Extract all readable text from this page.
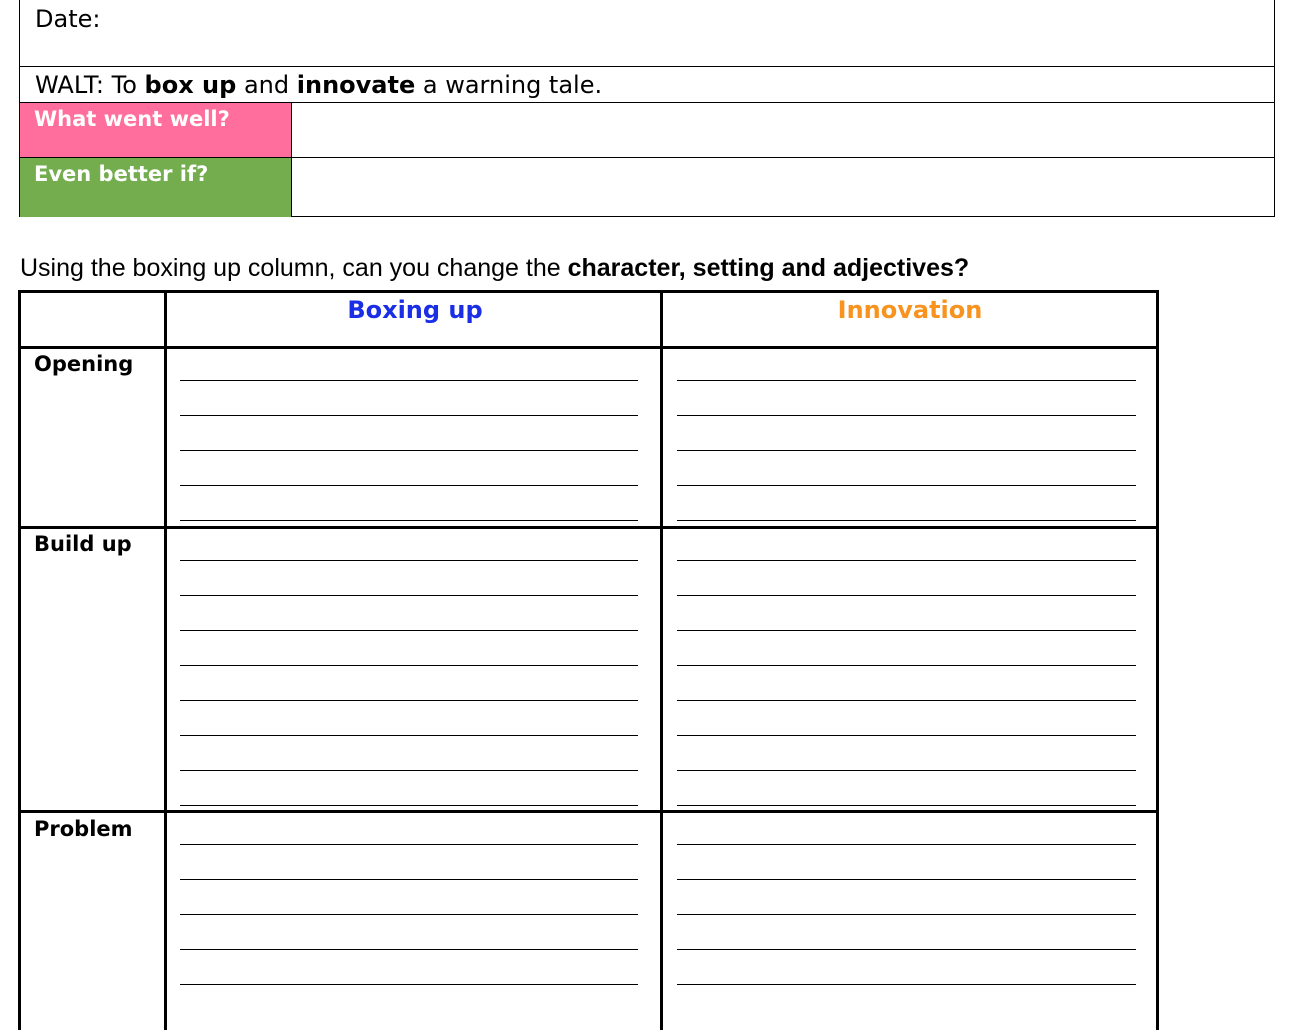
Date:
WALT: To box up and innovate a warning tale.
What went well?
Even better if?
Using the boxing up column, can you change the character, setting and adjectives?
Boxing up	Innovation
Opening
Build up
Problem
